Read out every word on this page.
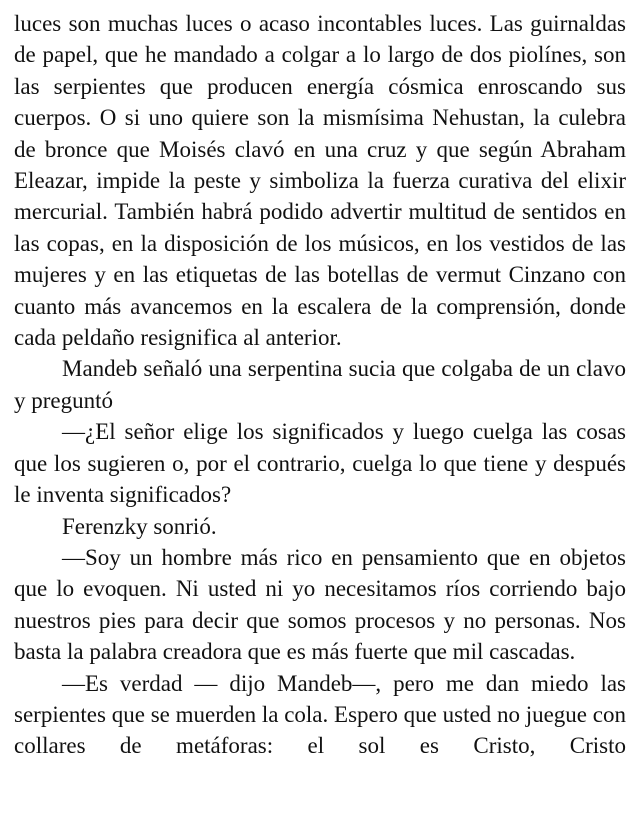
luces son muchas luces o acaso incontables luces. Las guirnaldas de papel, que he mandado a colgar a lo largo de dos piolínes, son las serpientes que producen energía cósmica enroscando sus cuerpos. O si uno quiere son la mismísima Nehustan, la culebra de bronce que Moisés clavó en una cruz y que según Abraham Eleazar, impide la peste y simboliza la fuerza curativa del elixir mercurial. También habrá podido advertir multitud de sentidos en las copas, en la disposición de los músicos, en los vestidos de las mujeres y en las etiquetas de las botellas de vermut Cinzano con cuanto más avancemos en la escalera de la comprensión, donde cada peldaño resignifica al anterior.

Mandeb señaló una serpentina sucia que colgaba de un clavo y preguntó

—¿El señor elige los significados y luego cuelga las cosas que los sugieren o, por el contrario, cuelga lo que tiene y después le inventa significados?

Ferenzky sonrió.

—Soy un hombre más rico en pensamiento que en objetos que lo evoquen. Ni usted ni yo necesitamos ríos corriendo bajo nuestros pies para decir que somos procesos y no personas. Nos basta la palabra creadora que es más fuerte que mil cascadas.

—Es verdad — dijo Mandeb—, pero me dan miedo las serpientes que se muerden la cola. Espero que usted no juegue con collares de metáforas: el sol es Cristo, Cristo
